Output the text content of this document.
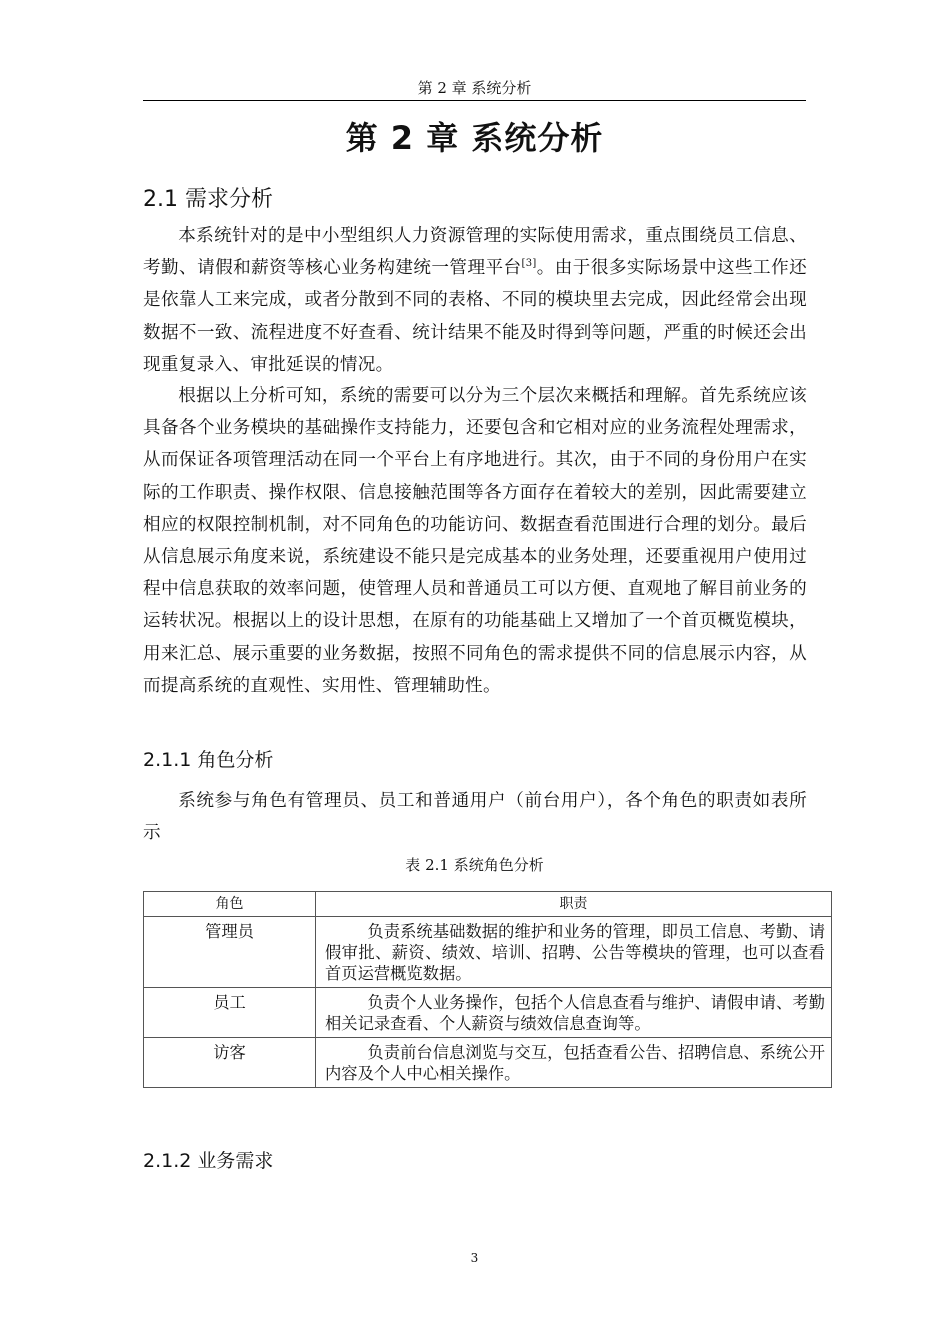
第 2 章 系统分析
第 2 章 系统分析
2.1 需求分析

本系统针对的是中小型组织人力资源管理的实际使用需求，重点围绕员工信息、考勤、请假和薪资等核心业务构建统一管理平台[3]。由于很多实际场景中这些工作还是依靠人工来完成，或者分散到不同的表格、不同的模块里去完成，因此经常会出现数据不一致、流程进度不好查看、统计结果不能及时得到等问题，严重的时候还会出现重复录入、审批延误的情况。

根据以上分析可知，系统的需要可以分为三个层次来概括和理解。首先系统应该具备各个业务模块的基础操作支持能力，还要包含和它相对应的业务流程处理需求，从而保证各项管理活动在同一个平台上有序地进行。其次，由于不同的身份用户在实际的工作职责、操作权限、信息接触范围等各方面存在着较大的差别，因此需要建立相应的权限控制机制，对不同角色的功能访问、数据查看范围进行合理的划分。最后从信息展示角度来说，系统建设不能只是完成基本的业务处理，还要重视用户使用过程中信息获取的效率问题，使管理人员和普通员工可以方便、直观地了解目前业务的运转状况。根据以上的设计思想，在原有的功能基础上又增加了一个首页概览模块，用来汇总、展示重要的业务数据，按照不同角色的需求提供不同的信息展示内容，从而提高系统的直观性、实用性、管理辅助性。

2.1.1 角色分析

系统参与角色有管理员、员工和普通用户（前台用户），各个角色的职责如表所示

表 2.1 系统角色分析
角色	职责
管理员	负责系统基础数据的维护和业务的管理，即员工信息、考勤、请假审批、薪资、绩效、培训、招聘、公告等模块的管理，也可以查看首页运营概览数据。
员工	负责个人业务操作，包括个人信息查看与维护、请假申请、考勤相关记录查看、个人薪资与绩效信息查询等。
访客	负责前台信息浏览与交互，包括查看公告、招聘信息、系统公开内容及个人中心相关操作。
2.1.2 业务需求
3
